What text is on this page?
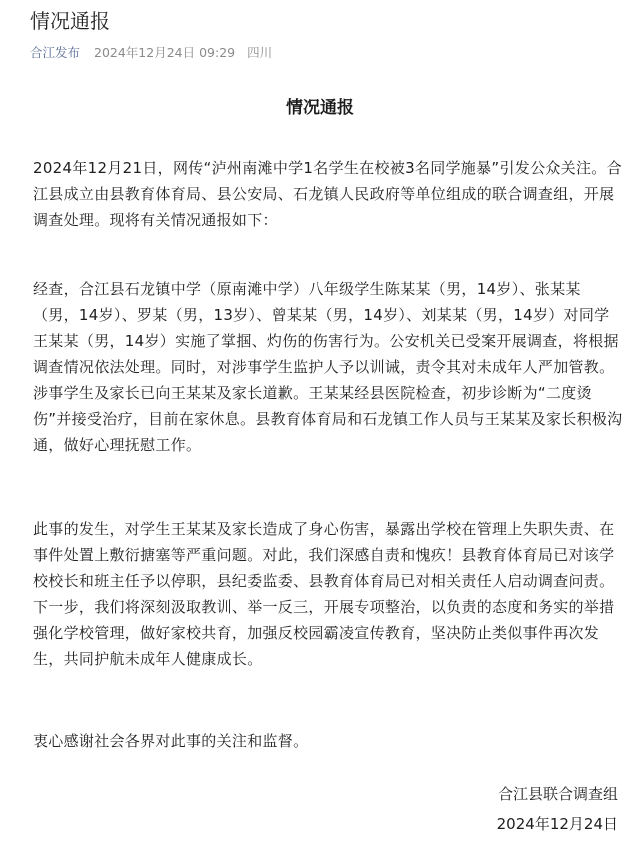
情况通报
合江发布 2024年12月24日 09:29 四川
情况通报

2024年12月21日，网传“泸州南滩中学1名学生在校被3名同学施暴”引发公众关注。合江县成立由县教育体育局、县公安局、石龙镇人民政府等单位组成的联合调查组，开展调查处理。现将有关情况通报如下：

经查，合江县石龙镇中学（原南滩中学）八年级学生陈某某（男，14岁）、张某某（男，14岁）、罗某（男，13岁）、曾某某（男，14岁）、刘某某（男，14岁）对同学王某某（男，14岁）实施了掌掴、灼伤的伤害行为。公安机关已受案开展调查，将根据调查情况依法处理。同时，对涉事学生监护人予以训诫，责令其对未成年人严加管教。涉事学生及家长已向王某某及家长道歉。王某某经县医院检查，初步诊断为“二度烫伤”并接受治疗，目前在家休息。县教育体育局和石龙镇工作人员与王某某及家长积极沟通，做好心理抚慰工作。

此事的发生，对学生王某某及家长造成了身心伤害，暴露出学校在管理上失职失责、在事件处置上敷衍搪塞等严重问题。对此，我们深感自责和愧疚！县教育体育局已对该学校校长和班主任予以停职，县纪委监委、县教育体育局已对相关责任人启动调查问责。下一步，我们将深刻汲取教训、举一反三，开展专项整治，以负责的态度和务实的举措强化学校管理，做好家校共育，加强反校园霸凌宣传教育，坚决防止类似事件再次发生，共同护航未成年人健康成长。

衷心感谢社会各界对此事的关注和监督。

合江县联合调查组

2024年12月24日
